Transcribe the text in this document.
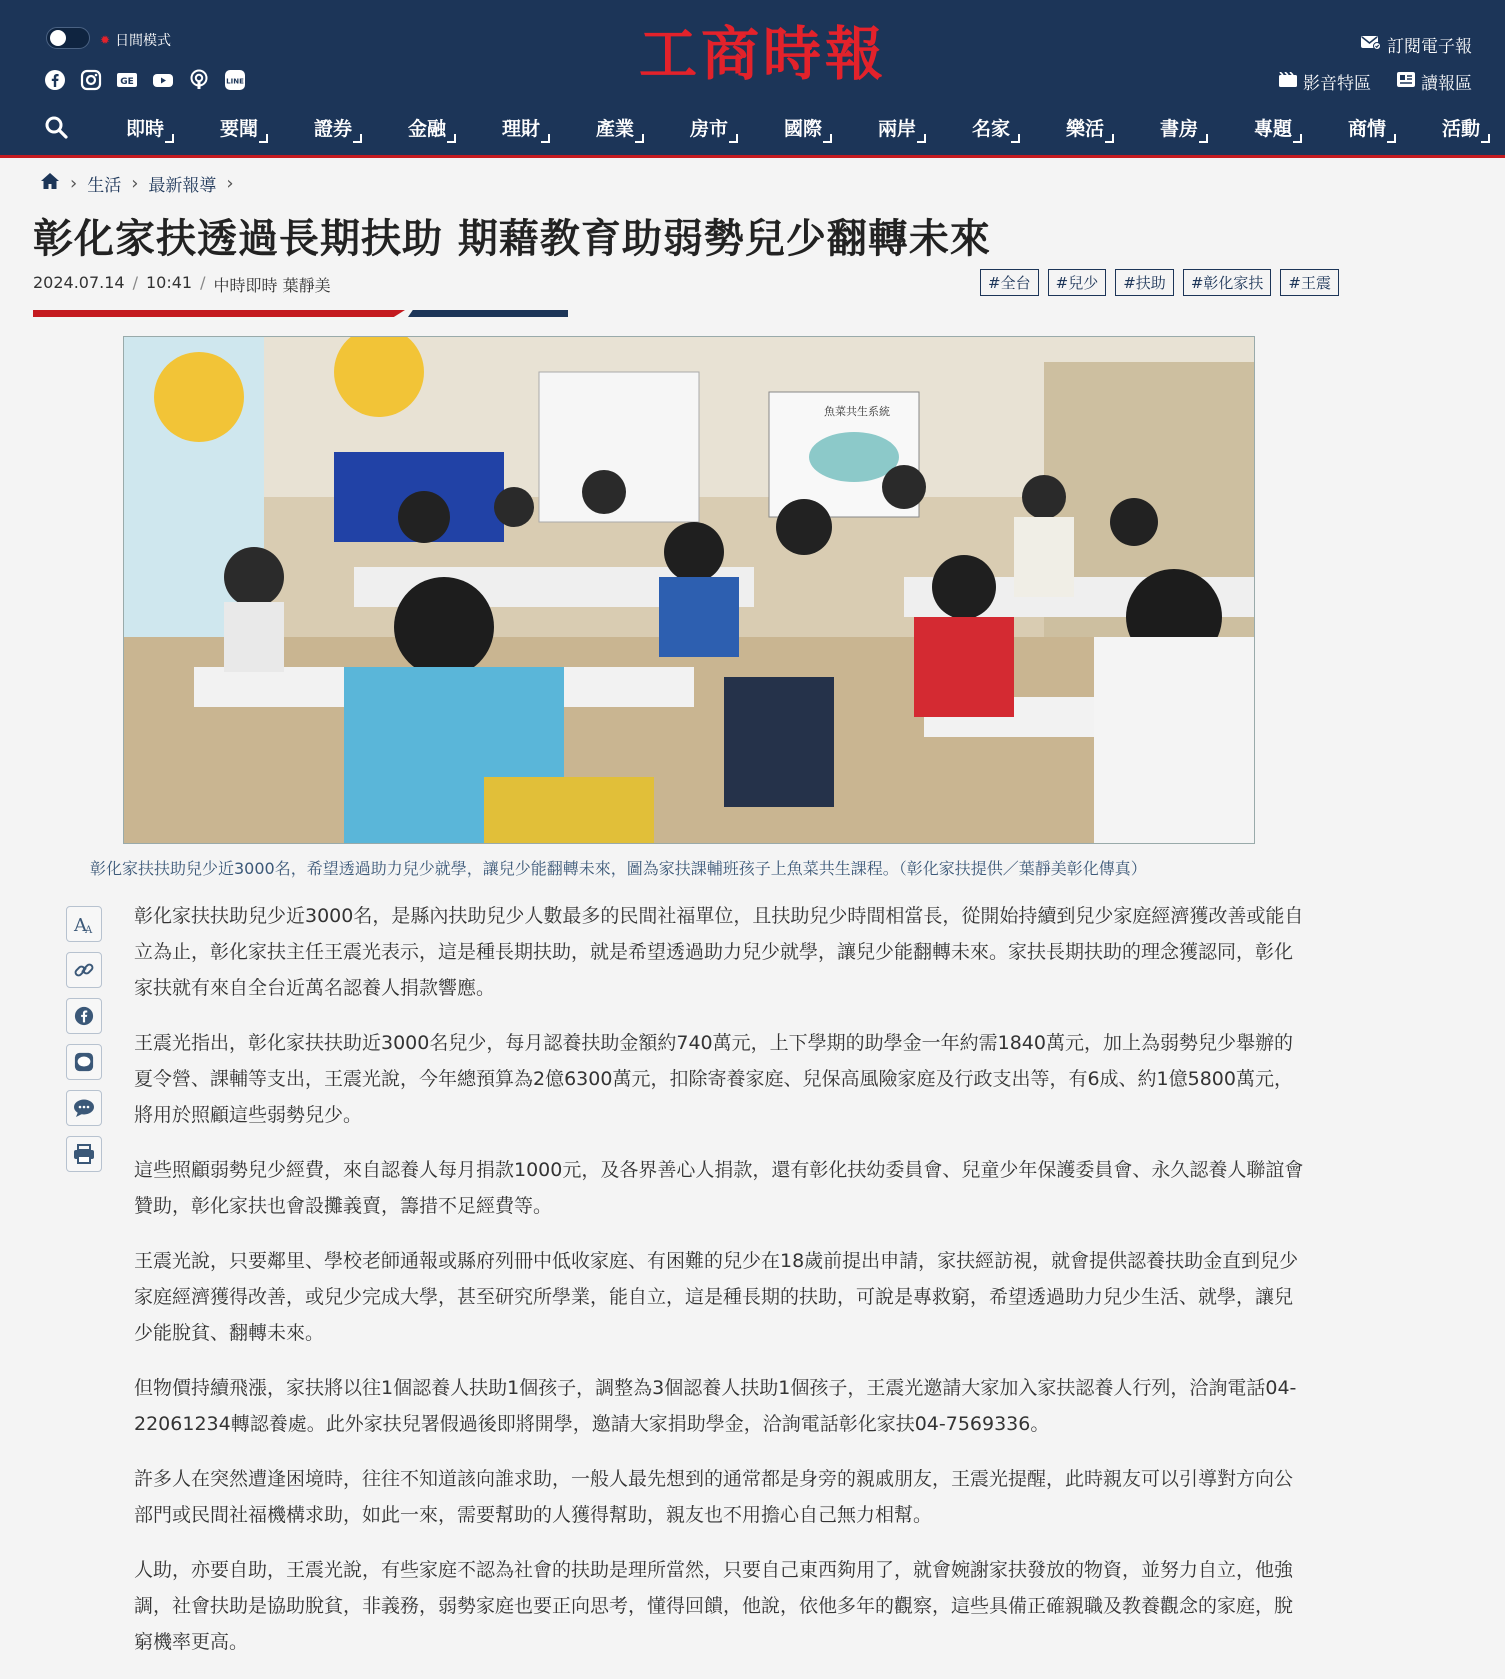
✹ 日間模式
GE	LINE	工商時報	訂閱電子報
影音特區	讀報區
即時	要聞	證券	金融	理財	產業	房市	國際	兩岸	名家	樂活	書房	專題	商情	活動
› 生活 › 最新報導 ›
彰化家扶透過長期扶助 期藉教育助弱勢兒少翻轉未來
2024.07.14 / 10:41 / 中時即時 葉靜美	#全台	#兒少	#扶助	#彰化家扶	#王震
魚菜共生系統
彰化家扶扶助兒少近3000名，希望透過助力兒少就學，讓兒少能翻轉未來，圖為家扶課輔班孩子上魚菜共生課程。（彰化家扶提供／葉靜美彰化傳真）
A
A

彰化家扶扶助兒少近3000名，是縣內扶助兒少人數最多的民間社福單位，且扶助兒少時間相當長，從開始持續到兒少家庭經濟獲改善或能自立為止，彰化家扶主任王震光表示，這是種長期扶助，就是希望透過助力兒少就學，讓兒少能翻轉未來。家扶長期扶助的理念獲認同，彰化家扶就有來自全台近萬名認養人捐款響應。

王震光指出，彰化家扶扶助近3000名兒少，每月認養扶助金額約740萬元，上下學期的助學金一年約需1840萬元，加上為弱勢兒少舉辦的夏令營、課輔等支出，王震光說，今年總預算為2億6300萬元，扣除寄養家庭、兒保高風險家庭及行政支出等，有6成、約1億5800萬元，將用於照顧這些弱勢兒少。

這些照顧弱勢兒少經費，來自認養人每月捐款1000元，及各界善心人捐款，還有彰化扶幼委員會、兒童少年保護委員會、永久認養人聯誼會贊助，彰化家扶也會設攤義賣，籌措不足經費等。

王震光說，只要鄰里、學校老師通報或縣府列冊中低收家庭、有困難的兒少在18歲前提出申請，家扶經訪視，就會提供認養扶助金直到兒少家庭經濟獲得改善，或兒少完成大學，甚至研究所學業，能自立，這是種長期的扶助，可說是專救窮，希望透過助力兒少生活、就學，讓兒少能脫貧、翻轉未來。

但物價持續飛漲，家扶將以往1個認養人扶助1個孩子，調整為3個認養人扶助1個孩子，王震光邀請大家加入家扶認養人行列，洽詢電話04-22061234轉認養處。此外家扶兒署假過後即將開學，邀請大家捐助學金，洽詢電話彰化家扶04-7569336。

許多人在突然遭逢困境時，往往不知道該向誰求助，一般人最先想到的通常都是身旁的親戚朋友，王震光提醒，此時親友可以引導對方向公部門或民間社福機構求助，如此一來，需要幫助的人獲得幫助，親友也不用擔心自己無力相幫。

人助，亦要自助，王震光說，有些家庭不認為社會的扶助是理所當然，只要自己東西夠用了，就會婉謝家扶發放的物資，並努力自立，他強調，社會扶助是協助脫貧，非義務，弱勢家庭也要正向思考，懂得回饋，他說，依他多年的觀察，這些具備正確親職及教養觀念的家庭，脫窮機率更高。
